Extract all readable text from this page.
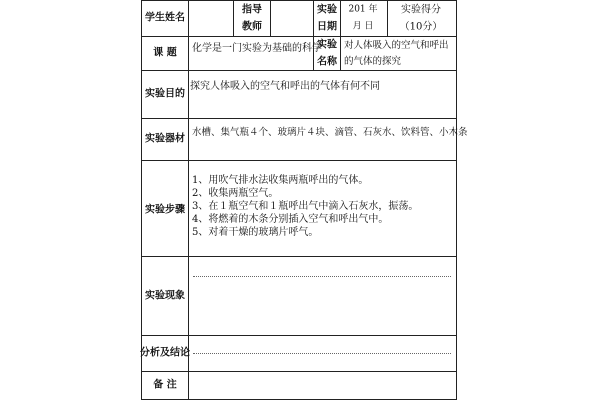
学生姓名
指导
教师
实验
日期
201 年
月 日
实验得分
（10分）
课 题 化学是一门实验为基础的科学
实验
名称
对人体吸入的空气和呼出
的气体的探究
实验目的
探究人体吸入的空气和呼出的气体有何不同
实验器材
水槽、集气瓶４个、玻璃片４块、滴管、石灰水、饮料管、小木条
实验步骤
1、用吹气排水法收集两瓶呼出的气体。
2、收集两瓶空气。
3、在１瓶空气和１瓶呼出气中滴入石灰水，振荡。
4、将燃着的木条分别插入空气和呼出气中。
5、对着干燥的玻璃片呼气。
实验现象
分析及结论
备 注
